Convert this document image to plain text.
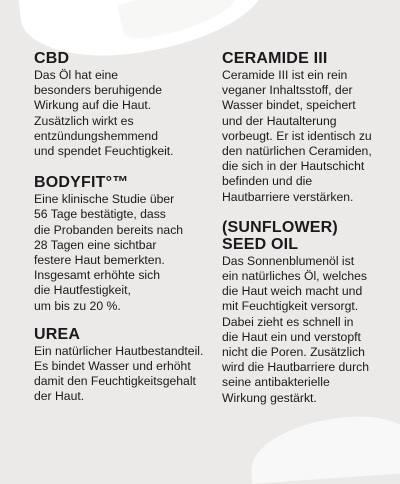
CBD

Das Öl hat eine
besonders beruhigende
Wirkung auf die Haut.
Zusätzlich wirkt es
entzündungshemmend
und spendet Feuchtigkeit.

BODYFIT°™

Eine klinische Studie über
56 Tage bestätigte, dass
die Probanden bereits nach
28 Tagen eine sichtbar
festere Haut bemerkten.
Insgesamt erhöhte sich
die Hautfestigkeit,
um bis zu 20 %.

UREA

Ein natürlicher Hautbestandteil.
Es bindet Wasser und erhöht
damit den Feuchtigkeitsgehalt
der Haut.

CERAMIDE III

Ceramide III ist ein rein
veganer Inhaltsstoff, der
Wasser bindet, speichert
und der Hautalterung
vorbeugt. Er ist identisch zu
den natürlichen Ceramiden,
die sich in der Hautschicht
befinden und die
Hautbarriere verstärken.

(SUNFLOWER)
SEED OIL

Das Sonnenblumenöl ist
ein natürliches Öl, welches
die Haut weich macht und
mit Feuchtigkeit versorgt.
Dabei zieht es schnell in
die Haut ein und verstopft
nicht die Poren. Zusätzlich
wird die Hautbarriere durch
seine antibakterielle
Wirkung gestärkt.
